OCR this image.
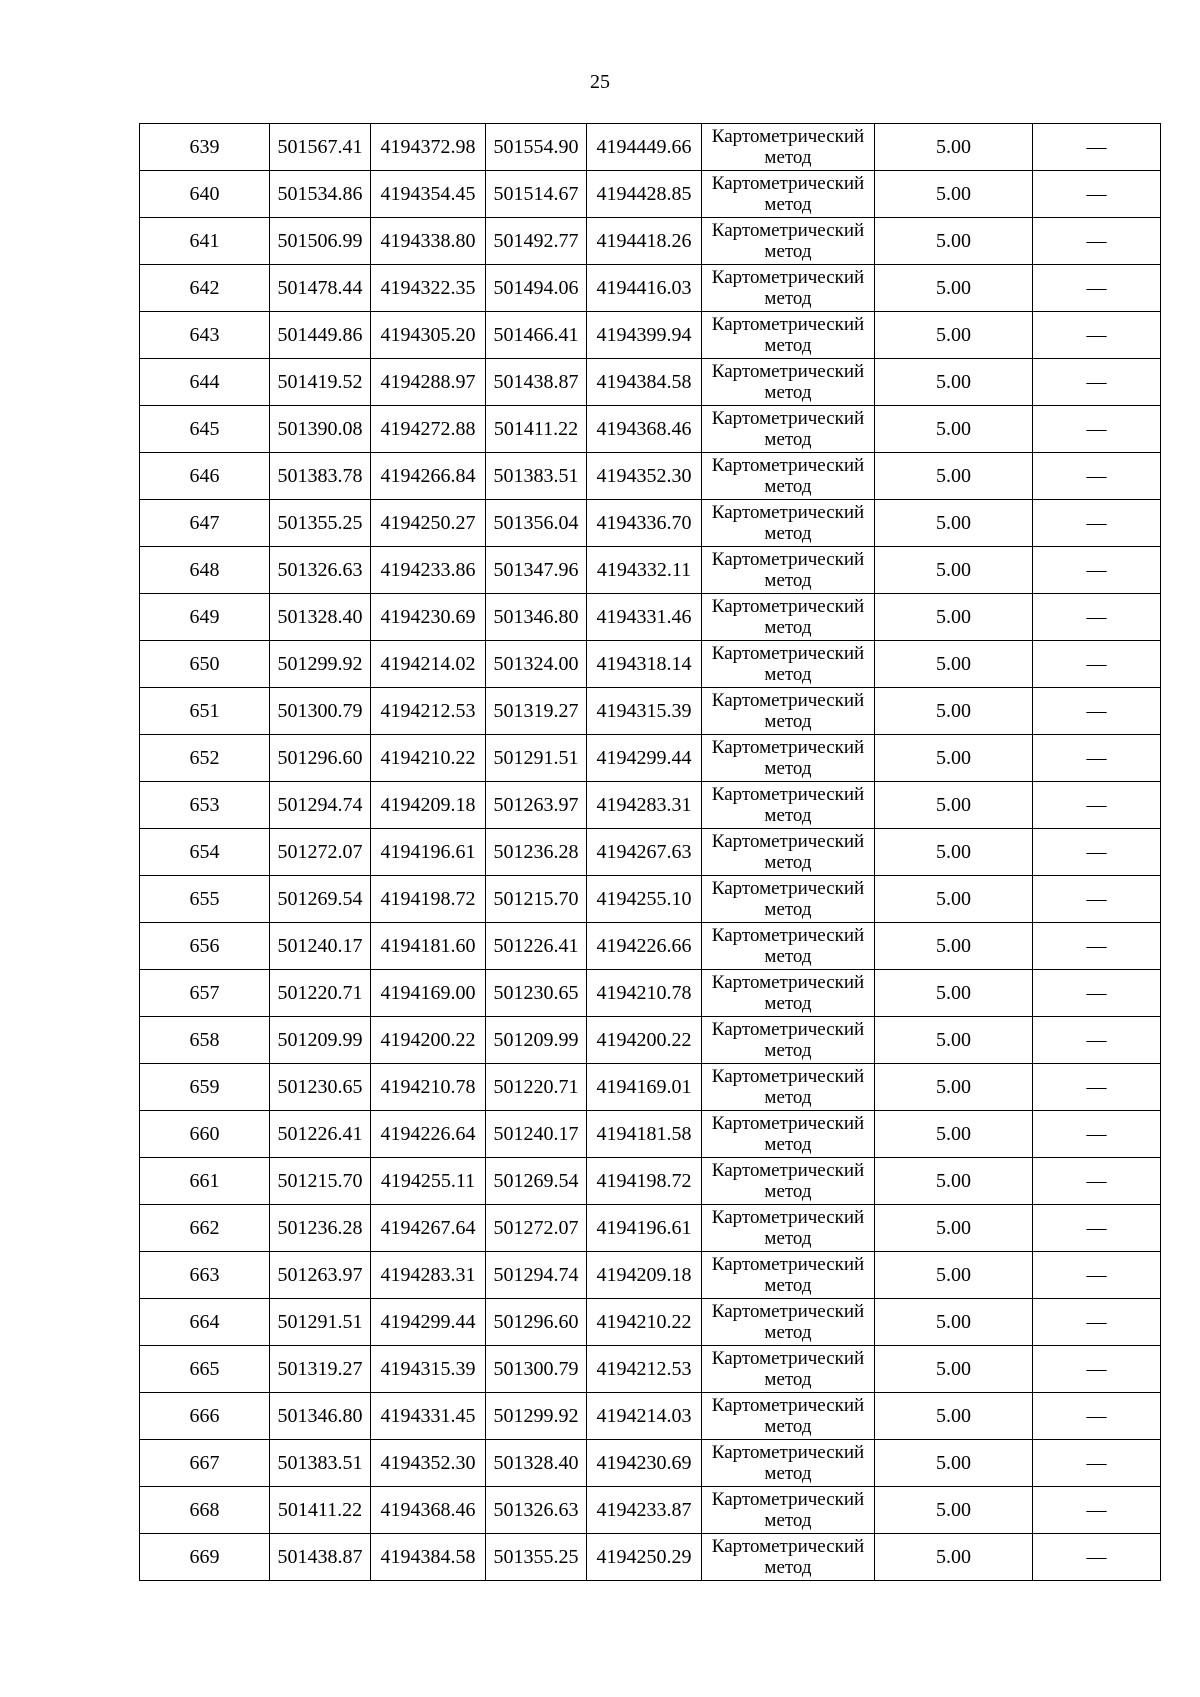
25
639	501567.41	4194372.98	501554.90	4194449.66	Картометрический
метод	5.00	—
640	501534.86	4194354.45	501514.67	4194428.85	Картометрический
метод	5.00	—
641	501506.99	4194338.80	501492.77	4194418.26	Картометрический
метод	5.00	—
642	501478.44	4194322.35	501494.06	4194416.03	Картометрический
метод	5.00	—
643	501449.86	4194305.20	501466.41	4194399.94	Картометрический
метод	5.00	—
644	501419.52	4194288.97	501438.87	4194384.58	Картометрический
метод	5.00	—
645	501390.08	4194272.88	501411.22	4194368.46	Картометрический
метод	5.00	—
646	501383.78	4194266.84	501383.51	4194352.30	Картометрический
метод	5.00	—
647	501355.25	4194250.27	501356.04	4194336.70	Картометрический
метод	5.00	—
648	501326.63	4194233.86	501347.96	4194332.11	Картометрический
метод	5.00	—
649	501328.40	4194230.69	501346.80	4194331.46	Картометрический
метод	5.00	—
650	501299.92	4194214.02	501324.00	4194318.14	Картометрический
метод	5.00	—
651	501300.79	4194212.53	501319.27	4194315.39	Картометрический
метод	5.00	—
652	501296.60	4194210.22	501291.51	4194299.44	Картометрический
метод	5.00	—
653	501294.74	4194209.18	501263.97	4194283.31	Картометрический
метод	5.00	—
654	501272.07	4194196.61	501236.28	4194267.63	Картометрический
метод	5.00	—
655	501269.54	4194198.72	501215.70	4194255.10	Картометрический
метод	5.00	—
656	501240.17	4194181.60	501226.41	4194226.66	Картометрический
метод	5.00	—
657	501220.71	4194169.00	501230.65	4194210.78	Картометрический
метод	5.00	—
658	501209.99	4194200.22	501209.99	4194200.22	Картометрический
метод	5.00	—
659	501230.65	4194210.78	501220.71	4194169.01	Картометрический
метод	5.00	—
660	501226.41	4194226.64	501240.17	4194181.58	Картометрический
метод	5.00	—
661	501215.70	4194255.11	501269.54	4194198.72	Картометрический
метод	5.00	—
662	501236.28	4194267.64	501272.07	4194196.61	Картометрический
метод	5.00	—
663	501263.97	4194283.31	501294.74	4194209.18	Картометрический
метод	5.00	—
664	501291.51	4194299.44	501296.60	4194210.22	Картометрический
метод	5.00	—
665	501319.27	4194315.39	501300.79	4194212.53	Картометрический
метод	5.00	—
666	501346.80	4194331.45	501299.92	4194214.03	Картометрический
метод	5.00	—
667	501383.51	4194352.30	501328.40	4194230.69	Картометрический
метод	5.00	—
668	501411.22	4194368.46	501326.63	4194233.87	Картометрический
метод	5.00	—
669	501438.87	4194384.58	501355.25	4194250.29	Картометрический
метод	5.00	—
